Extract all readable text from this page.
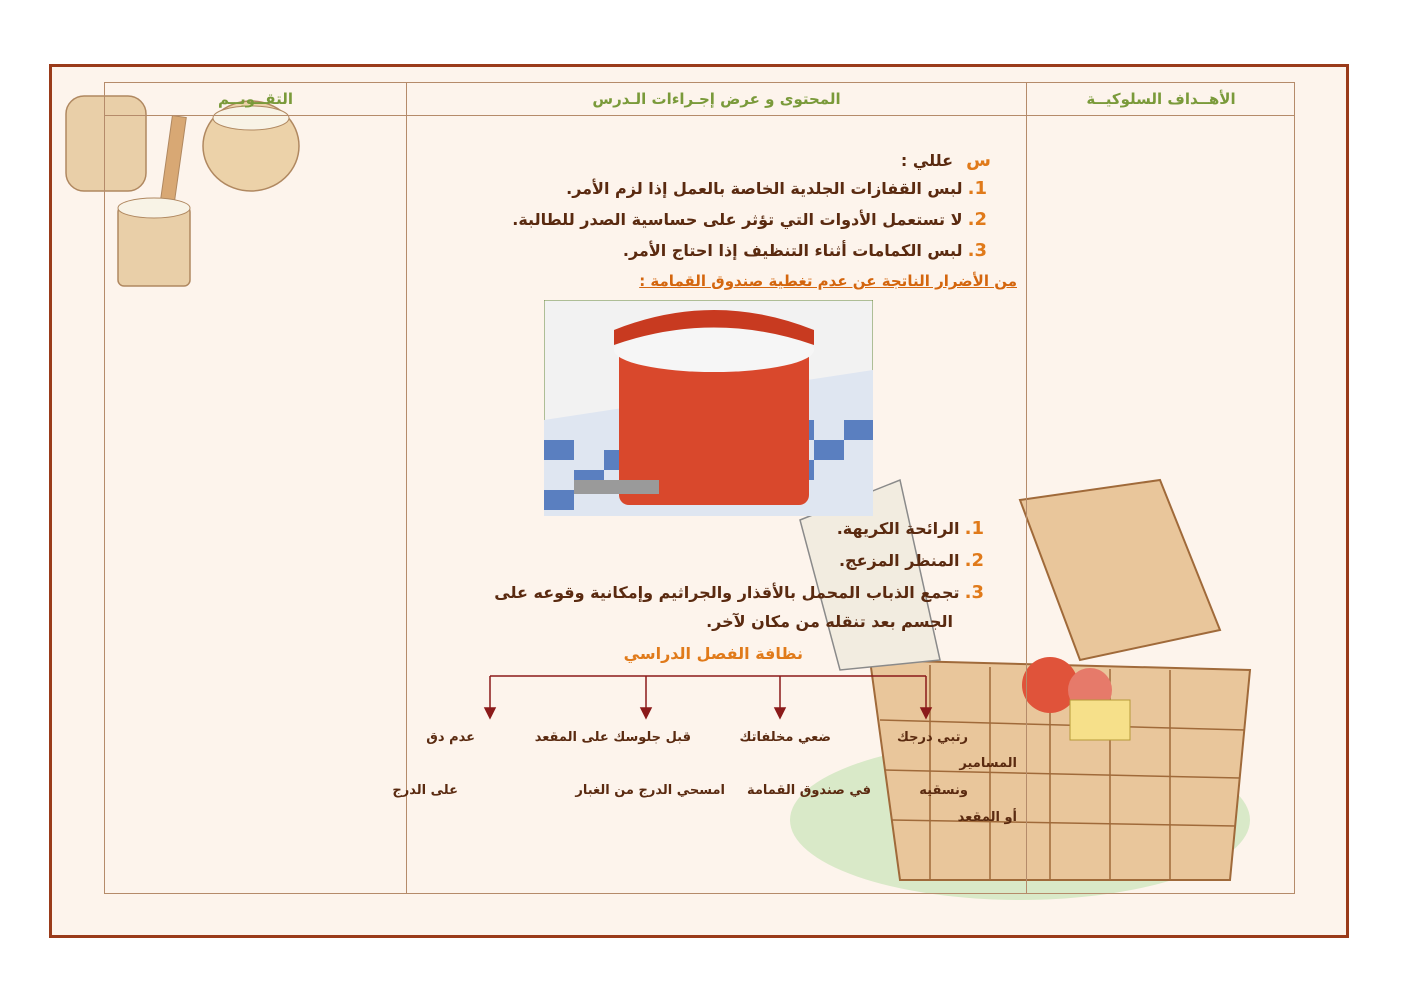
التقــويــم	المحتوى و عرض إجـراءات الـدرس	الأهــداف السلوكيــة
س عللي :
1. لبس القفازات الجلدية الخاصة بالعمل إذا لزم الأمر.
2. لا تستعمل الأدوات التي تؤثر على حساسية الصدر للطالبة.
3. لبس الكمامات أثناء التنظيف إذا احتاج الأمر.
من الأضرار الناتجة عن عدم تغطية صندوق القمامة :
1. الرائحة الكريهة.
2. المنظر المزعج.
3. تجمع الذباب المحمل بالأقذار والجراثيم وإمكانية وقوعه على
الجسم بعد تنقله من مكان لآخر.
نظافة الفصل الدراسي
رتبي درجك
المسامير
ونسقيه
أو المقعد
ضعي مخلفاتك
في صندوق القمامة
قبل جلوسك على المقعد
امسحي الدرج من الغبار
عدم دق
على الدرج
